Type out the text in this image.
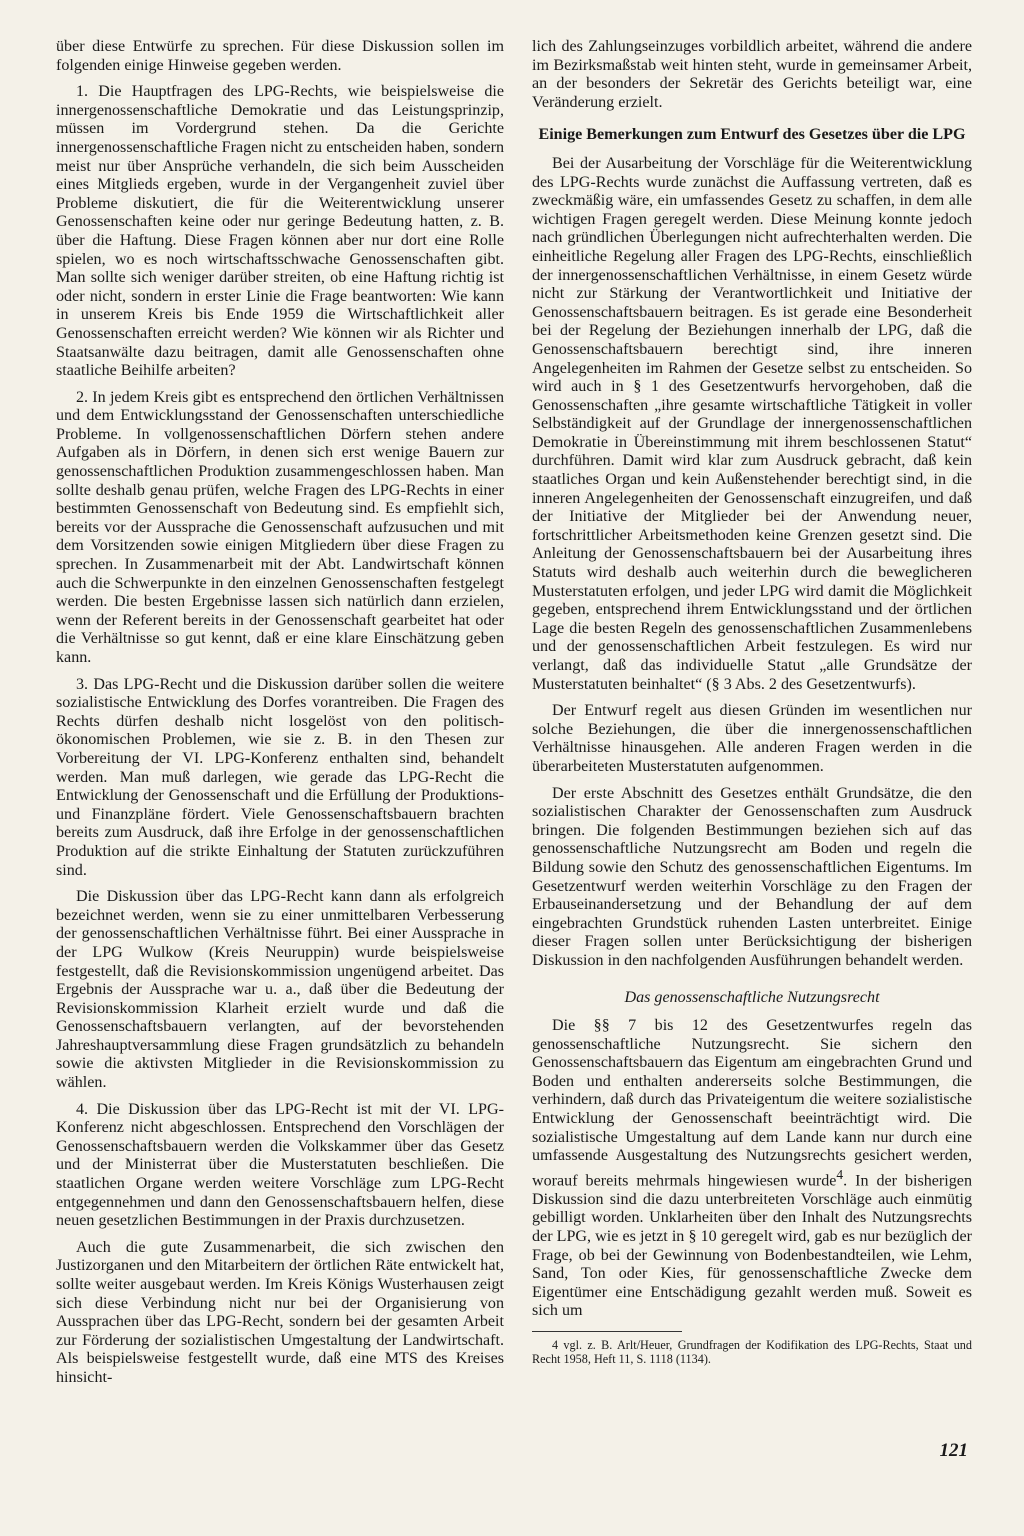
über diese Entwürfe zu sprechen. Für diese Diskussion sollen im folgenden einige Hinweise gegeben werden.

1. Die Hauptfragen des LPG-Rechts, wie beispielsweise die innergenossenschaftliche Demokratie und das Leistungsprinzip, müssen im Vordergrund stehen. Da die Gerichte innergenossenschaftliche Fragen nicht zu entscheiden haben, sondern meist nur über Ansprüche verhandeln, die sich beim Ausscheiden eines Mitglieds ergeben, wurde in der Vergangenheit zuviel über Probleme diskutiert, die für die Weiterentwicklung unserer Genossenschaften keine oder nur geringe Bedeutung hatten, z. B. über die Haftung. Diese Fragen können aber nur dort eine Rolle spielen, wo es noch wirtschaftsschwache Genossenschaften gibt. Man sollte sich weniger darüber streiten, ob eine Haftung richtig ist oder nicht, sondern in erster Linie die Frage beantworten: Wie kann in unserem Kreis bis Ende 1959 die Wirtschaftlichkeit aller Genossenschaften erreicht werden? Wie können wir als Richter und Staatsanwälte dazu beitragen, damit alle Genossenschaften ohne staatliche Beihilfe arbeiten?

2. In jedem Kreis gibt es entsprechend den örtlichen Verhältnissen und dem Entwicklungsstand der Genossenschaften unterschiedliche Probleme. In vollgenossenschaftlichen Dörfern stehen andere Aufgaben als in Dörfern, in denen sich erst wenige Bauern zur genossenschaftlichen Produktion zusammengeschlossen haben. Man sollte deshalb genau prüfen, welche Fragen des LPG-Rechts in einer bestimmten Genossenschaft von Bedeutung sind. Es empfiehlt sich, bereits vor der Aussprache die Genossenschaft aufzusuchen und mit dem Vorsitzenden sowie einigen Mitgliedern über diese Fragen zu sprechen. In Zusammenarbeit mit der Abt. Landwirtschaft können auch die Schwerpunkte in den einzelnen Genossenschaften festgelegt werden. Die besten Ergebnisse lassen sich natürlich dann erzielen, wenn der Referent bereits in der Genossenschaft gearbeitet hat oder die Verhältnisse so gut kennt, daß er eine klare Einschätzung geben kann.

3. Das LPG-Recht und die Diskussion darüber sollen die weitere sozialistische Entwicklung des Dorfes vorantreiben. Die Fragen des Rechts dürfen deshalb nicht losgelöst von den politisch-ökonomischen Problemen, wie sie z. B. in den Thesen zur Vorbereitung der VI. LPG-Konferenz enthalten sind, behandelt werden. Man muß darlegen, wie gerade das LPG-Recht die Entwicklung der Genossenschaft und die Erfüllung der Produktions- und Finanzpläne fördert. Viele Genossenschaftsbauern brachten bereits zum Ausdruck, daß ihre Erfolge in der genossenschaftlichen Produktion auf die strikte Einhaltung der Statuten zurückzuführen sind.

Die Diskussion über das LPG-Recht kann dann als erfolgreich bezeichnet werden, wenn sie zu einer unmittelbaren Verbesserung der genossenschaftlichen Verhältnisse führt. Bei einer Aussprache in der LPG Wulkow (Kreis Neuruppin) wurde beispielsweise festgestellt, daß die Revisionskommission ungenügend arbeitet. Das Ergebnis der Aussprache war u. a., daß über die Bedeutung der Revisionskommission Klarheit erzielt wurde und daß die Genossenschaftsbauern verlangten, auf der bevorstehenden Jahreshauptversammlung diese Fragen grundsätzlich zu behandeln sowie die aktivsten Mitglieder in die Revisionskommission zu wählen.

4. Die Diskussion über das LPG-Recht ist mit der VI. LPG-Konferenz nicht abgeschlossen. Entsprechend den Vorschlägen der Genossenschaftsbauern werden die Volkskammer über das Gesetz und der Ministerrat über die Musterstatuten beschließen. Die staatlichen Organe werden weitere Vorschläge zum LPG-Recht entgegennehmen und dann den Genossenschaftsbauern helfen, diese neuen gesetzlichen Bestimmungen in der Praxis durchzusetzen.

Auch die gute Zusammenarbeit, die sich zwischen den Justizorganen und den Mitarbeitern der örtlichen Räte entwickelt hat, sollte weiter ausgebaut werden. Im Kreis Königs Wusterhausen zeigt sich diese Verbindung nicht nur bei der Organisierung von Aussprachen über das LPG-Recht, sondern bei der gesamten Arbeit zur Förderung der sozialistischen Umgestaltung der Landwirtschaft. Als beispielsweise festgestellt wurde, daß eine MTS des Kreises hinsicht-

lich des Zahlungseinzuges vorbildlich arbeitet, während die andere im Bezirksmaßstab weit hinten steht, wurde in gemeinsamer Arbeit, an der besonders der Sekretär des Gerichts beteiligt war, eine Veränderung erzielt.

Einige Bemerkungen zum Entwurf des Gesetzes über die LPG

Bei der Ausarbeitung der Vorschläge für die Weiterentwicklung des LPG-Rechts wurde zunächst die Auffassung vertreten, daß es zweckmäßig wäre, ein umfassendes Gesetz zu schaffen, in dem alle wichtigen Fragen geregelt werden. Diese Meinung konnte jedoch nach gründlichen Überlegungen nicht aufrechterhalten werden. Die einheitliche Regelung aller Fragen des LPG-Rechts, einschließlich der innergenossenschaftlichen Verhältnisse, in einem Gesetz würde nicht zur Stärkung der Verantwortlichkeit und Initiative der Genossenschaftsbauern beitragen. Es ist gerade eine Besonderheit bei der Regelung der Beziehungen innerhalb der LPG, daß die Genossenschaftsbauern berechtigt sind, ihre inneren Angelegenheiten im Rahmen der Gesetze selbst zu entscheiden. So wird auch in § 1 des Gesetzentwurfs hervorgehoben, daß die Genossenschaften „ihre gesamte wirtschaftliche Tätigkeit in voller Selbständigkeit auf der Grundlage der innergenossenschaftlichen Demokratie in Übereinstimmung mit ihrem beschlossenen Statut“ durchführen. Damit wird klar zum Ausdruck gebracht, daß kein staatliches Organ und kein Außenstehender berechtigt sind, in die inneren Angelegenheiten der Genossenschaft einzugreifen, und daß der Initiative der Mitglieder bei der Anwendung neuer, fortschrittlicher Arbeitsmethoden keine Grenzen gesetzt sind. Die Anleitung der Genossenschaftsbauern bei der Ausarbeitung ihres Statuts wird deshalb auch weiterhin durch die beweglicheren Musterstatuten erfolgen, und jeder LPG wird damit die Möglichkeit gegeben, entsprechend ihrem Entwicklungsstand und der örtlichen Lage die besten Regeln des genossenschaftlichen Zusammenlebens und der genossenschaftlichen Arbeit festzulegen. Es wird nur verlangt, daß das individuelle Statut „alle Grundsätze der Musterstatuten beinhaltet“ (§ 3 Abs. 2 des Gesetzentwurfs).

Der Entwurf regelt aus diesen Gründen im wesentlichen nur solche Beziehungen, die über die innergenossenschaftlichen Verhältnisse hinausgehen. Alle anderen Fragen werden in die überarbeiteten Musterstatuten aufgenommen.

Der erste Abschnitt des Gesetzes enthält Grundsätze, die den sozialistischen Charakter der Genossenschaften zum Ausdruck bringen. Die folgenden Bestimmungen beziehen sich auf das genossenschaftliche Nutzungsrecht am Boden und regeln die Bildung sowie den Schutz des genossenschaftlichen Eigentums. Im Gesetzentwurf werden weiterhin Vorschläge zu den Fragen der Erbauseinandersetzung und der Behandlung der auf dem eingebrachten Grundstück ruhenden Lasten unterbreitet. Einige dieser Fragen sollen unter Berücksichtigung der bisherigen Diskussion in den nachfolgenden Ausführungen behandelt werden.

Das genossenschaftliche Nutzungsrecht

Die §§ 7 bis 12 des Gesetzentwurfes regeln das genossenschaftliche Nutzungsrecht. Sie sichern den Genossenschaftsbauern das Eigentum am eingebrachten Grund und Boden und enthalten andererseits solche Bestimmungen, die verhindern, daß durch das Privateigentum die weitere sozialistische Entwicklung der Genossenschaft beeinträchtigt wird. Die sozialistische Umgestaltung auf dem Lande kann nur durch eine umfassende Ausgestaltung des Nutzungsrechts gesichert werden, worauf bereits mehrmals hingewiesen wurde$^4$. In der bisherigen Diskussion sind die dazu unterbreiteten Vorschläge auch einmütig gebilligt worden. Unklarheiten über den Inhalt des Nutzungsrechts der LPG, wie es jetzt in § 10 geregelt wird, gab es nur bezüglich der Frage, ob bei der Gewinnung von Bodenbestandteilen, wie Lehm, Sand, Ton oder Kies, für genossenschaftliche Zwecke dem Eigentümer eine Entschädigung gezahlt werden muß. Soweit es sich um

4 vgl. z. B. Arlt/Heuer, Grundfragen der Kodifikation des LPG-Rechts, Staat und Recht 1958, Heft 11, S. 1118 (1134).

121
